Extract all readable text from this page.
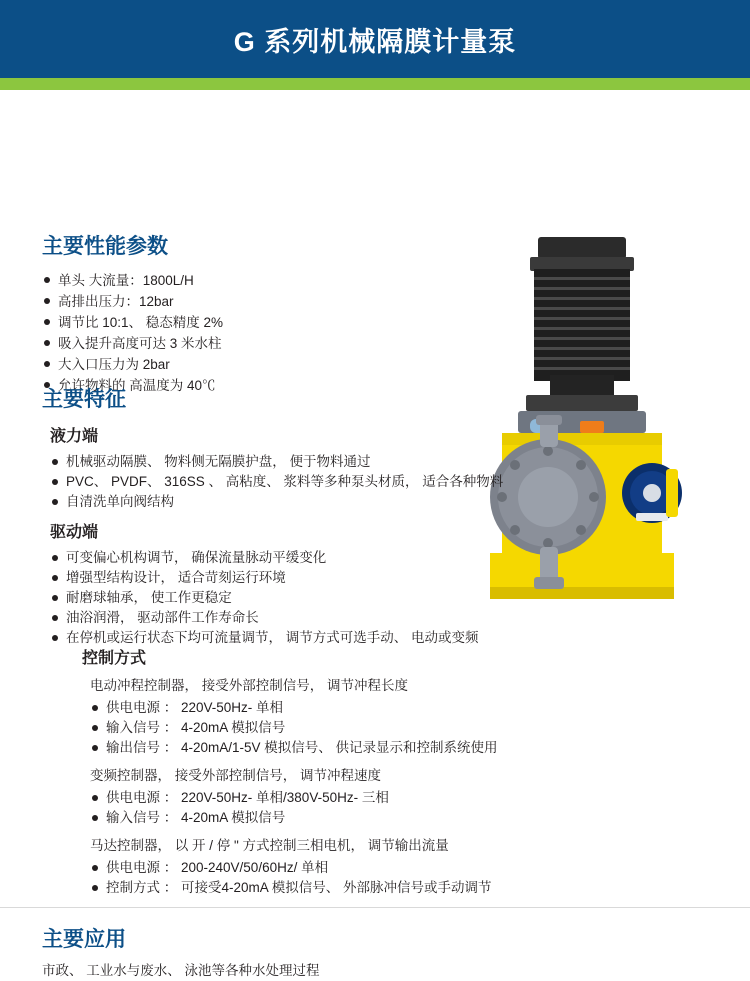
G 系列机械隔膜计量泵
主要性能参数
单头 大流量：1800L/H
高排出压力：12bar
调节比 10:1、 稳态精度 2%
吸入提升高度可达 3 米水柱
大入口压力为 2bar
允许物料的 高温度为 40℃
主要特征
液力端
机械驱动隔膜、 物料侧无隔膜护盘， 便于物料通过
PVC、 PVDF、 316SS 、 高粘度、 浆料等多种泵头材质， 适合各种物料
自清洗单向阀结构
驱动端
可变偏心机构调节， 确保流量脉动平缓变化
增强型结构设计， 适合苛刻运行环境
耐磨球轴承， 使工作更稳定
油浴润滑， 驱动部件工作寿命长
在停机或运行状态下均可流量调节， 调节方式可选手动、 电动或变频
控制方式

电动冲程控制器， 接受外部控制信号， 调节冲程长度

供电电源 ： 220V-50Hz- 单相
输入信号 ： 4-20mA 模拟信号
输出信号 ： 4-20mA/1-5V 模拟信号、 供记录显示和控制系统使用

变频控制器， 接受外部控制信号， 调节冲程速度

供电电源 ： 220V-50Hz- 单相/380V-50Hz- 三相
输入信号 ： 4-20mA 模拟信号

马达控制器， 以 开 / 停 " 方式控制三相电机， 调节输出流量

供电电源 ： 200-240V/50/60Hz/ 单相
控制方式 ： 可接受4-20mA 模拟信号、 外部脉冲信号或手动调节
主要应用

市政、 工业水与废水、 泳池等各种水处理过程
